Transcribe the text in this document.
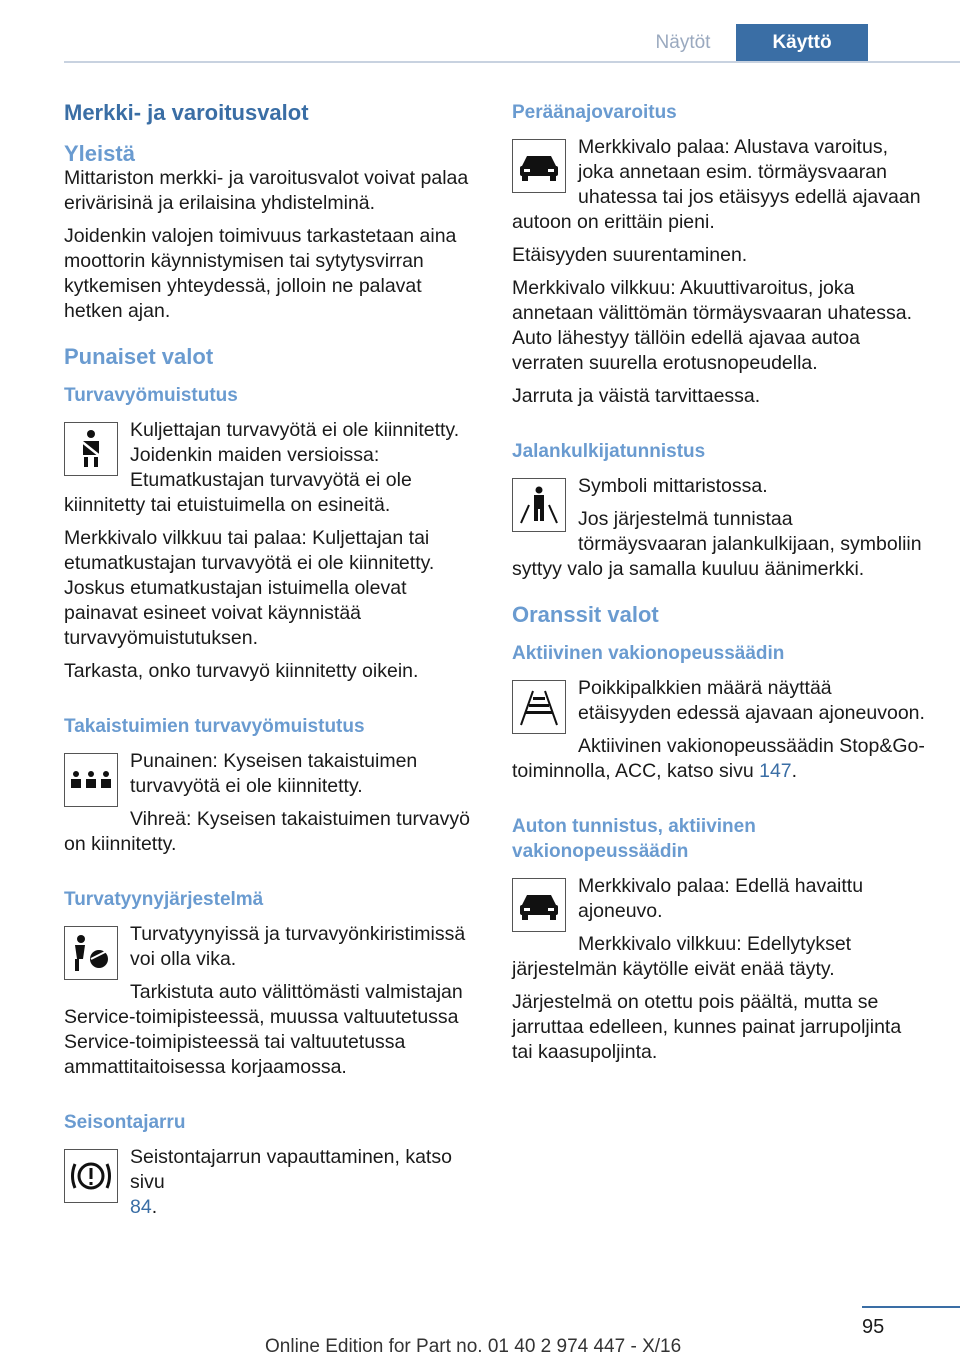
Näytöt	Käyttö
Merkki- ja varoitusvalot
Yleistä

Mittariston merkki- ja varoitusvalot voivat palaa erivärisinä ja erilaisina yhdistelminä.

Joidenkin valojen toimivuus tarkastetaan aina moottorin käynnistymisen tai sytytysvirran kytkemisen yhteydessä, jolloin ne palavat hetken ajan.

Punaiset valot
Turvavyömuistutus

Kuljettajan turvavyötä ei ole kiinnitetty. Joidenkin maiden versioissa: Etumatkustajan turvavyötä ei ole kiinnitetty tai etuistuimella on esineitä.

Merkkivalo vilkkuu tai palaa: Kuljettajan tai etumatkustajan turvavyötä ei ole kiinnitetty. Joskus etumatkustajan istuimella olevat painavat esineet voivat käynnistää turvavyömuistutuksen.

Tarkasta, onko turvavyö kiinnitetty oikein.

Takaistuimien turvavyömuistutus

Punainen: Kyseisen takaistuimen turvavyötä ei ole kiinnitetty.

Vihreä: Kyseisen takaistuimen turvavyö on kiinnitetty.

Turvatyynyjärjestelmä

Turvatyynyissä ja turvavyönkiristimissä voi olla vika.

Tarkistuta auto välittömästi valmistajan Service-toimipisteessä, muussa valtuutetussa Service-toimipisteessä tai valtuutetussa ammattitaitoisessa korjaamossa.

Seisontajarru

Seistontajarrun vapauttaminen, katso sivu
84.

Peräänajovaroitus

Merkkivalo palaa: Alustava varoitus, joka annetaan esim. törmäysvaaran uhatessa tai jos etäisyys edellä ajavaan autoon on erittäin pieni.

Etäisyyden suurentaminen.

Merkkivalo vilkkuu: Akuuttivaroitus, joka annetaan välittömän törmäysvaaran uhatessa. Auto lähestyy tällöin edellä ajavaa autoa verraten suurella erotusnopeudella.

Jarruta ja väistä tarvittaessa.

Jalankulkijatunnistus

Symboli mittaristossa.

Jos järjestelmä tunnistaa törmäysvaaran jalankulkijaan, symboliin syttyy valo ja samalla kuuluu äänimerkki.

Oranssit valot
Aktiivinen vakionopeussäädin

Poikkipalkkien määrä näyttää etäisyyden edessä ajavaan ajoneuvoon.

Aktiivinen vakionopeussäädin Stop&Go-toiminnolla, ACC, katso sivu 147.

Auton tunnistus, aktiivinen vakionopeussäädin

Merkkivalo palaa: Edellä havaittu ajoneuvo.

Merkkivalo vilkkuu: Edellytykset järjestelmän käytölle eivät enää täyty.

Järjestelmä on otettu pois päältä, mutta se jarruttaa edelleen, kunnes painat jarrupoljinta tai kaasupoljinta.

95
Online Edition for Part no. 01 40 2 974 447 - X/16
